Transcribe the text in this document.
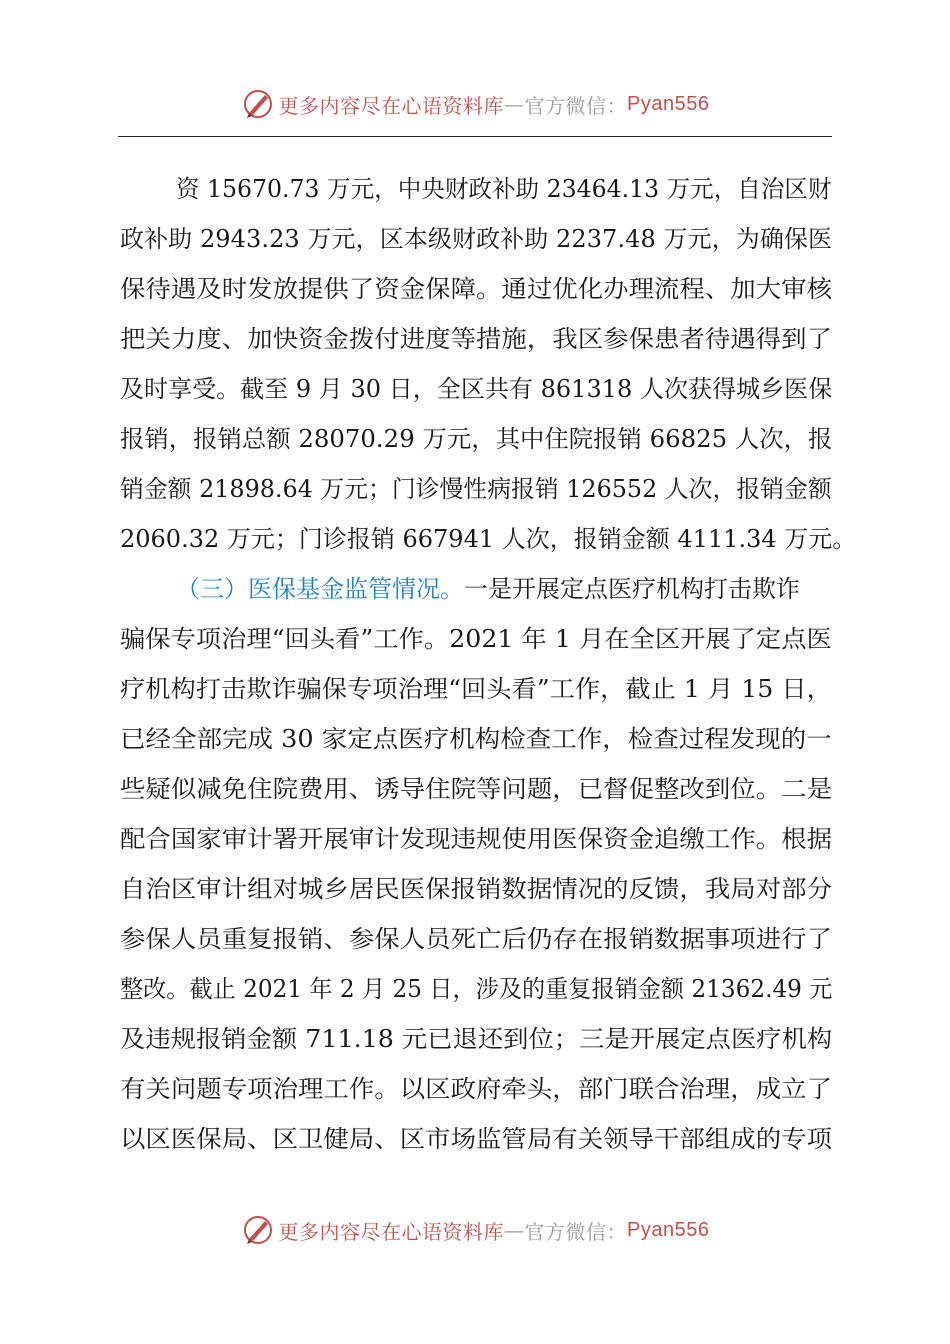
更多内容尽在心语资料库 — 官方微信： Pyan556
资 15670.73 万元，中央财政补助 23464.13 万元，自治区财
政补助 2943.23 万元，区本级财政补助 2237.48 万元，为确保医
保待遇及时发放提供了资金保障。通过优化办理流程、加大审核
把关力度、加快资金拨付进度等措施，我区参保患者待遇得到了
及时享受。截至 9 月 30 日，全区共有 861318 人次获得城乡医保
报销，报销总额 28070.29 万元，其中住院报销 66825 人次，报
销金额 21898.64 万元；门诊慢性病报销 126552 人次，报销金额
2060.32 万元；门诊报销 667941 人次，报销金额 4111.34 万元。
（三）医保基金监管情况。 一是开展定点医疗机构打击欺诈
骗保专项治理“回头看”工作。2021 年 1 月在全区开展了定点医
疗机构打击欺诈骗保专项治理“回头看”工作，截止 1 月 15 日，
已经全部完成 30 家定点医疗机构检查工作，检查过程发现的一
些疑似减免住院费用、诱导住院等问题，已督促整改到位。二是
配合国家审计署开展审计发现违规使用医保资金追缴工作。根据
自治区审计组对城乡居民医保报销数据情况的反馈，我局对部分
参保人员重复报销、参保人员死亡后仍存在报销数据事项进行了
整改。截止 2021 年 2 月 25 日，涉及的重复报销金额 21362.49 元
及违规报销金额 711.18 元已退还到位；三是开展定点医疗机构
有关问题专项治理工作。以区政府牵头，部门联合治理，成立了
以区医保局、区卫健局、区市场监管局有关领导干部组成的专项
更多内容尽在心语资料库 — 官方微信： Pyan556
